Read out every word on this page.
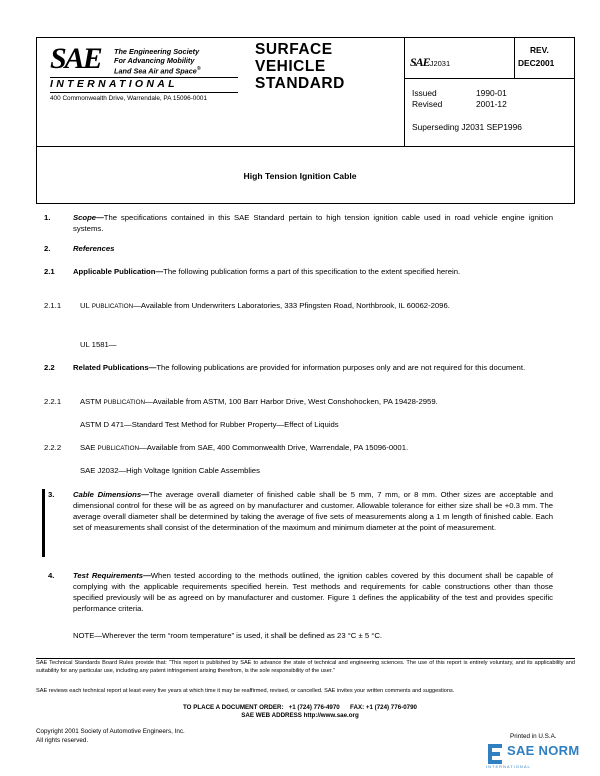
SAE The Engineering Society
For Advancing Mobility
Land Sea Air and Space®
INTERNATIONAL
400 Commonwealth Drive, Warrendale, PA 15096-0001
SURFACE
VEHICLE
STANDARD
SAEJ2031
REV.
DEC2001
Issued	1990-01
Revised	2001-12
Superseding J2031 SEP1996
High Tension Ignition Cable
1.	Scope—The specifications contained in this SAE Standard pertain to high tension ignition cable used in road vehicle engine ignition systems.
2.	References
2.1 Applicable Publication—The following publication forms a part of this specification to the extent specified herein.
2.1.1 UL PUBLICATION—Available from Underwriters Laboratories, 333 Pfingsten Road, Northbrook, IL 60062-2096.
UL 1581—
2.2 Related Publications—The following publications are provided for information purposes only and are not required for this document.
2.2.1 ASTM PUBLICATION—Available from ASTM, 100 Barr Harbor Drive, West Conshohocken, PA 19428-2959.
ASTM D 471—Standard Test Method for Rubber Property—Effect of Liquids
2.2.2 SAE PUBLICATION—Available from SAE, 400 Commonwealth Drive, Warrendale, PA 15096-0001.
SAE J2032—High Voltage Ignition Cable Assemblies
3. Cable Dimensions—The average overall diameter of finished cable shall be 5 mm, 7 mm, or 8 mm. Other sizes are acceptable and dimensional control for these will be as agreed on by manufacturer and customer. Allowable tolerance for either size shall be +0.3 mm. The average overall diameter shall be determined by taking the average of five sets of measurements along a 1 m length of finished cable. Each set of measurements shall consist of the determination of the maximum and minimum diameter at the point of measurement.
4. Test Requirements—When tested according to the methods outlined, the ignition cables covered by this document shall be capable of complying with the applicable requirements specified herein. Test methods and requirements for cable constructions other than those specified previously will be as agreed on by manufacturer and customer. Figure 1 defines the applicability of the test and provides specific performance criteria.
NOTE—Wherever the term “room temperature” is used, it shall be defined as 23 °C ± 5 °C.
SAE Technical Standards Board Rules provide that: “This report is published by SAE to advance the state of technical and engineering sciences. The use of this report is entirely voluntary, and its applicability and suitability for any particular use, including any patent infringement arising therefrom, is the sole responsibility of the user.”
SAE reviews each technical report at least every five years at which time it may be reaffirmed, revised, or cancelled. SAE invites your written comments and suggestions.
TO PLACE A DOCUMENT ORDER:   +1 (724) 776-4970      FAX: +1 (724) 776-0790
SAE WEB ADDRESS http://www.sae.org
Copyright 2001 Society of Automotive Engineers, Inc.
All rights reserved.
Printed in U.S.A.
SAE NORM
INTERNATIONAL
